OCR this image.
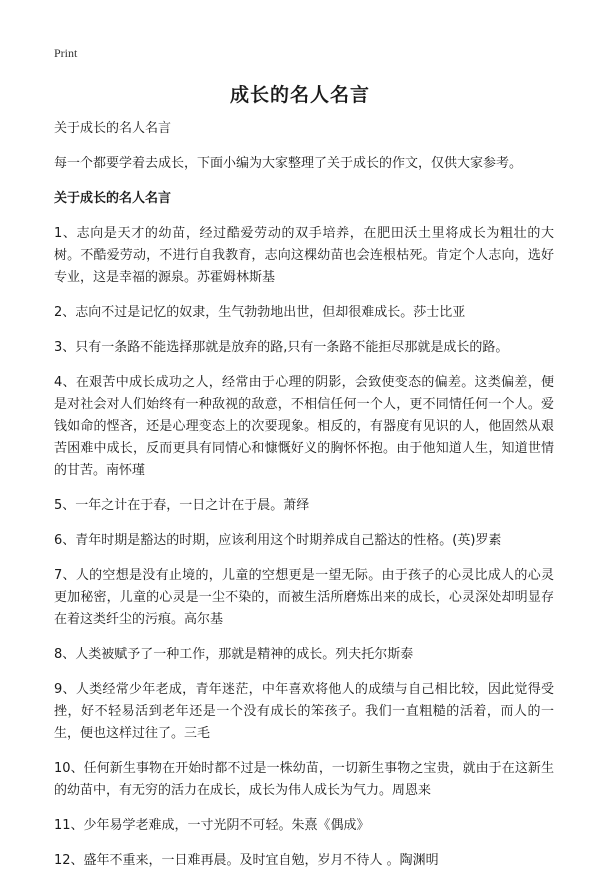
Print
成长的名人名言

关于成长的名人名言

每一个都要学着去成长，下面小编为大家整理了关于成长的作文，仅供大家参考。

关于成长的名人名言

1、志向是天才的幼苗，经过酷爱劳动的双手培养，在肥田沃土里将成长为粗壮的大树。不酷爱劳动，不进行自我教育，志向这棵幼苗也会连根枯死。肯定个人志向，选好专业，这是幸福的源泉。苏霍姆林斯基

2、志向不过是记忆的奴隶，生气勃勃地出世，但却很难成长。莎士比亚

3、只有一条路不能选择那就是放弃的路,只有一条路不能拒尽那就是成长的路。

4、在艰苦中成长成功之人，经常由于心理的阴影，会致使变态的偏差。这类偏差，便是对社会对人们始终有一种敌视的敌意，不相信任何一个人，更不同情任何一个人。爱钱如命的悭吝，还是心理变态上的次要现象。相反的，有器度有见识的人，他固然从艰苦困难中成长，反而更具有同情心和慷慨好义的胸怀怀抱。由于他知道人生，知道世情的甘苦。南怀瑾

5、一年之计在于春，一日之计在于晨。萧绎

6、青年时期是豁达的时期，应该利用这个时期养成自己豁达的性格。(英)罗素

7、人的空想是没有止境的，儿童的空想更是一望无际。由于孩子的心灵比成人的心灵更加秘密，儿童的心灵是一尘不染的，而被生活所磨炼出来的成长，心灵深处却明显存在着这类纤尘的污痕。高尔基

8、人类被赋予了一种工作，那就是精神的成长。列夫托尔斯泰

9、人类经常少年老成，青年迷茫，中年喜欢将他人的成绩与自己相比较，因此觉得受挫，好不轻易活到老年还是一个没有成长的笨孩子。我们一直粗糙的活着，而人的一生，便也这样过往了。三毛

10、任何新生事物在开始时都不过是一株幼苗，一切新生事物之宝贵，就由于在这新生的幼苗中，有无穷的活力在成长，成长为伟人成长为气力。周恩来

11、少年易学老难成，一寸光阴不可轻。朱熹《偶成》

12、盛年不重来，一日难再晨。及时宜自勉，岁月不待人 。陶渊明
